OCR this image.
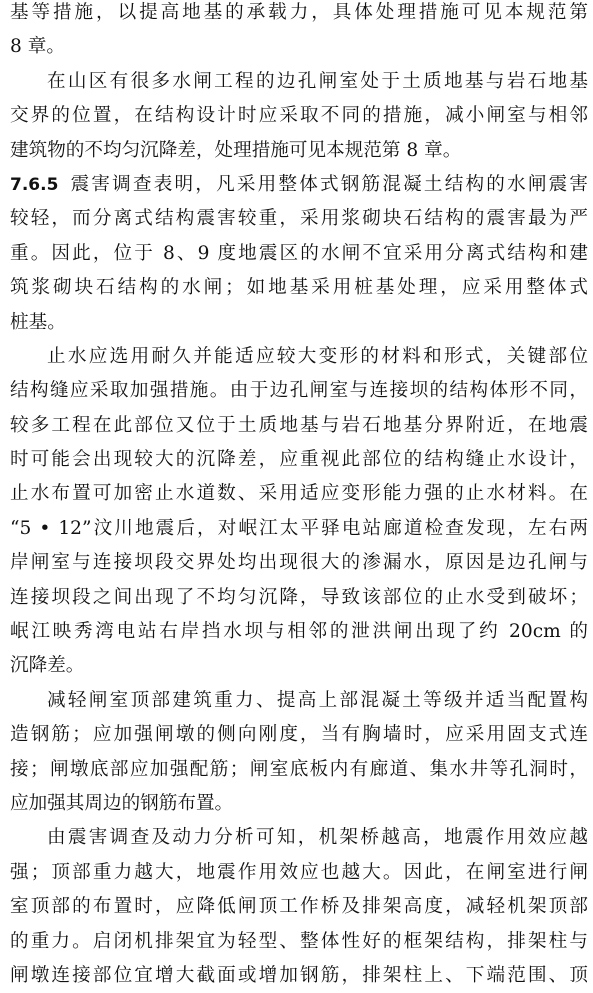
基等措施，以提高地基的承载力，具体处理措施可见本规范第
8 章。
在山区有很多水闸工程的边孔闸室处于土质地基与岩石地基
交界的位置，在结构设计时应采取不同的措施，减小闸室与相邻
建筑物的不均匀沉降差，处理措施可见本规范第 8 章。
7.6.5 震害调查表明，凡采用整体式钢筋混凝土结构的水闸震害
较轻，而分离式结构震害较重，采用浆砌块石结构的震害最为严
重。因此，位于 8、9 度地震区的水闸不宜采用分离式结构和建
筑浆砌块石结构的水闸；如地基采用桩基处理，应采用整体式
桩基。
止水应选用耐久并能适应较大变形的材料和形式，关键部位
结构缝应采取加强措施。由于边孔闸室与连接坝的结构体形不同，
较多工程在此部位又位于土质地基与岩石地基分界附近，在地震
时可能会出现较大的沉降差，应重视此部位的结构缝止水设计，
止水布置可加密止水道数、采用适应变形能力强的止水材料。在
“5 • 12”汶川地震后，对岷江太平驿电站廊道检查发现，左右两
岸闸室与连接坝段交界处均出现很大的渗漏水，原因是边孔闸与
连接坝段之间出现了不均匀沉降，导致该部位的止水受到破坏；
岷江映秀湾电站右岸挡水坝与相邻的泄洪闸出现了约 20cm 的
沉降差。
减轻闸室顶部建筑重力、提高上部混凝土等级并适当配置构
造钢筋；应加强闸墩的侧向刚度，当有胸墙时，应采用固支式连
接；闸墩底部应加强配筋；闸室底板内有廊道、集水井等孔洞时，
应加强其周边的钢筋布置。
由震害调查及动力分析可知，机架桥越高，地震作用效应越
强；顶部重力越大，地震作用效应也越大。因此，在闸室进行闸
室顶部的布置时，应降低闸顶工作桥及排架高度，减轻机架顶部
的重力。启闭机排架宜为轻型、整体性好的框架结构，排架柱与
闸墩连接部位宜增大截面或增加钢筋，排架柱上、下端范围、顶
